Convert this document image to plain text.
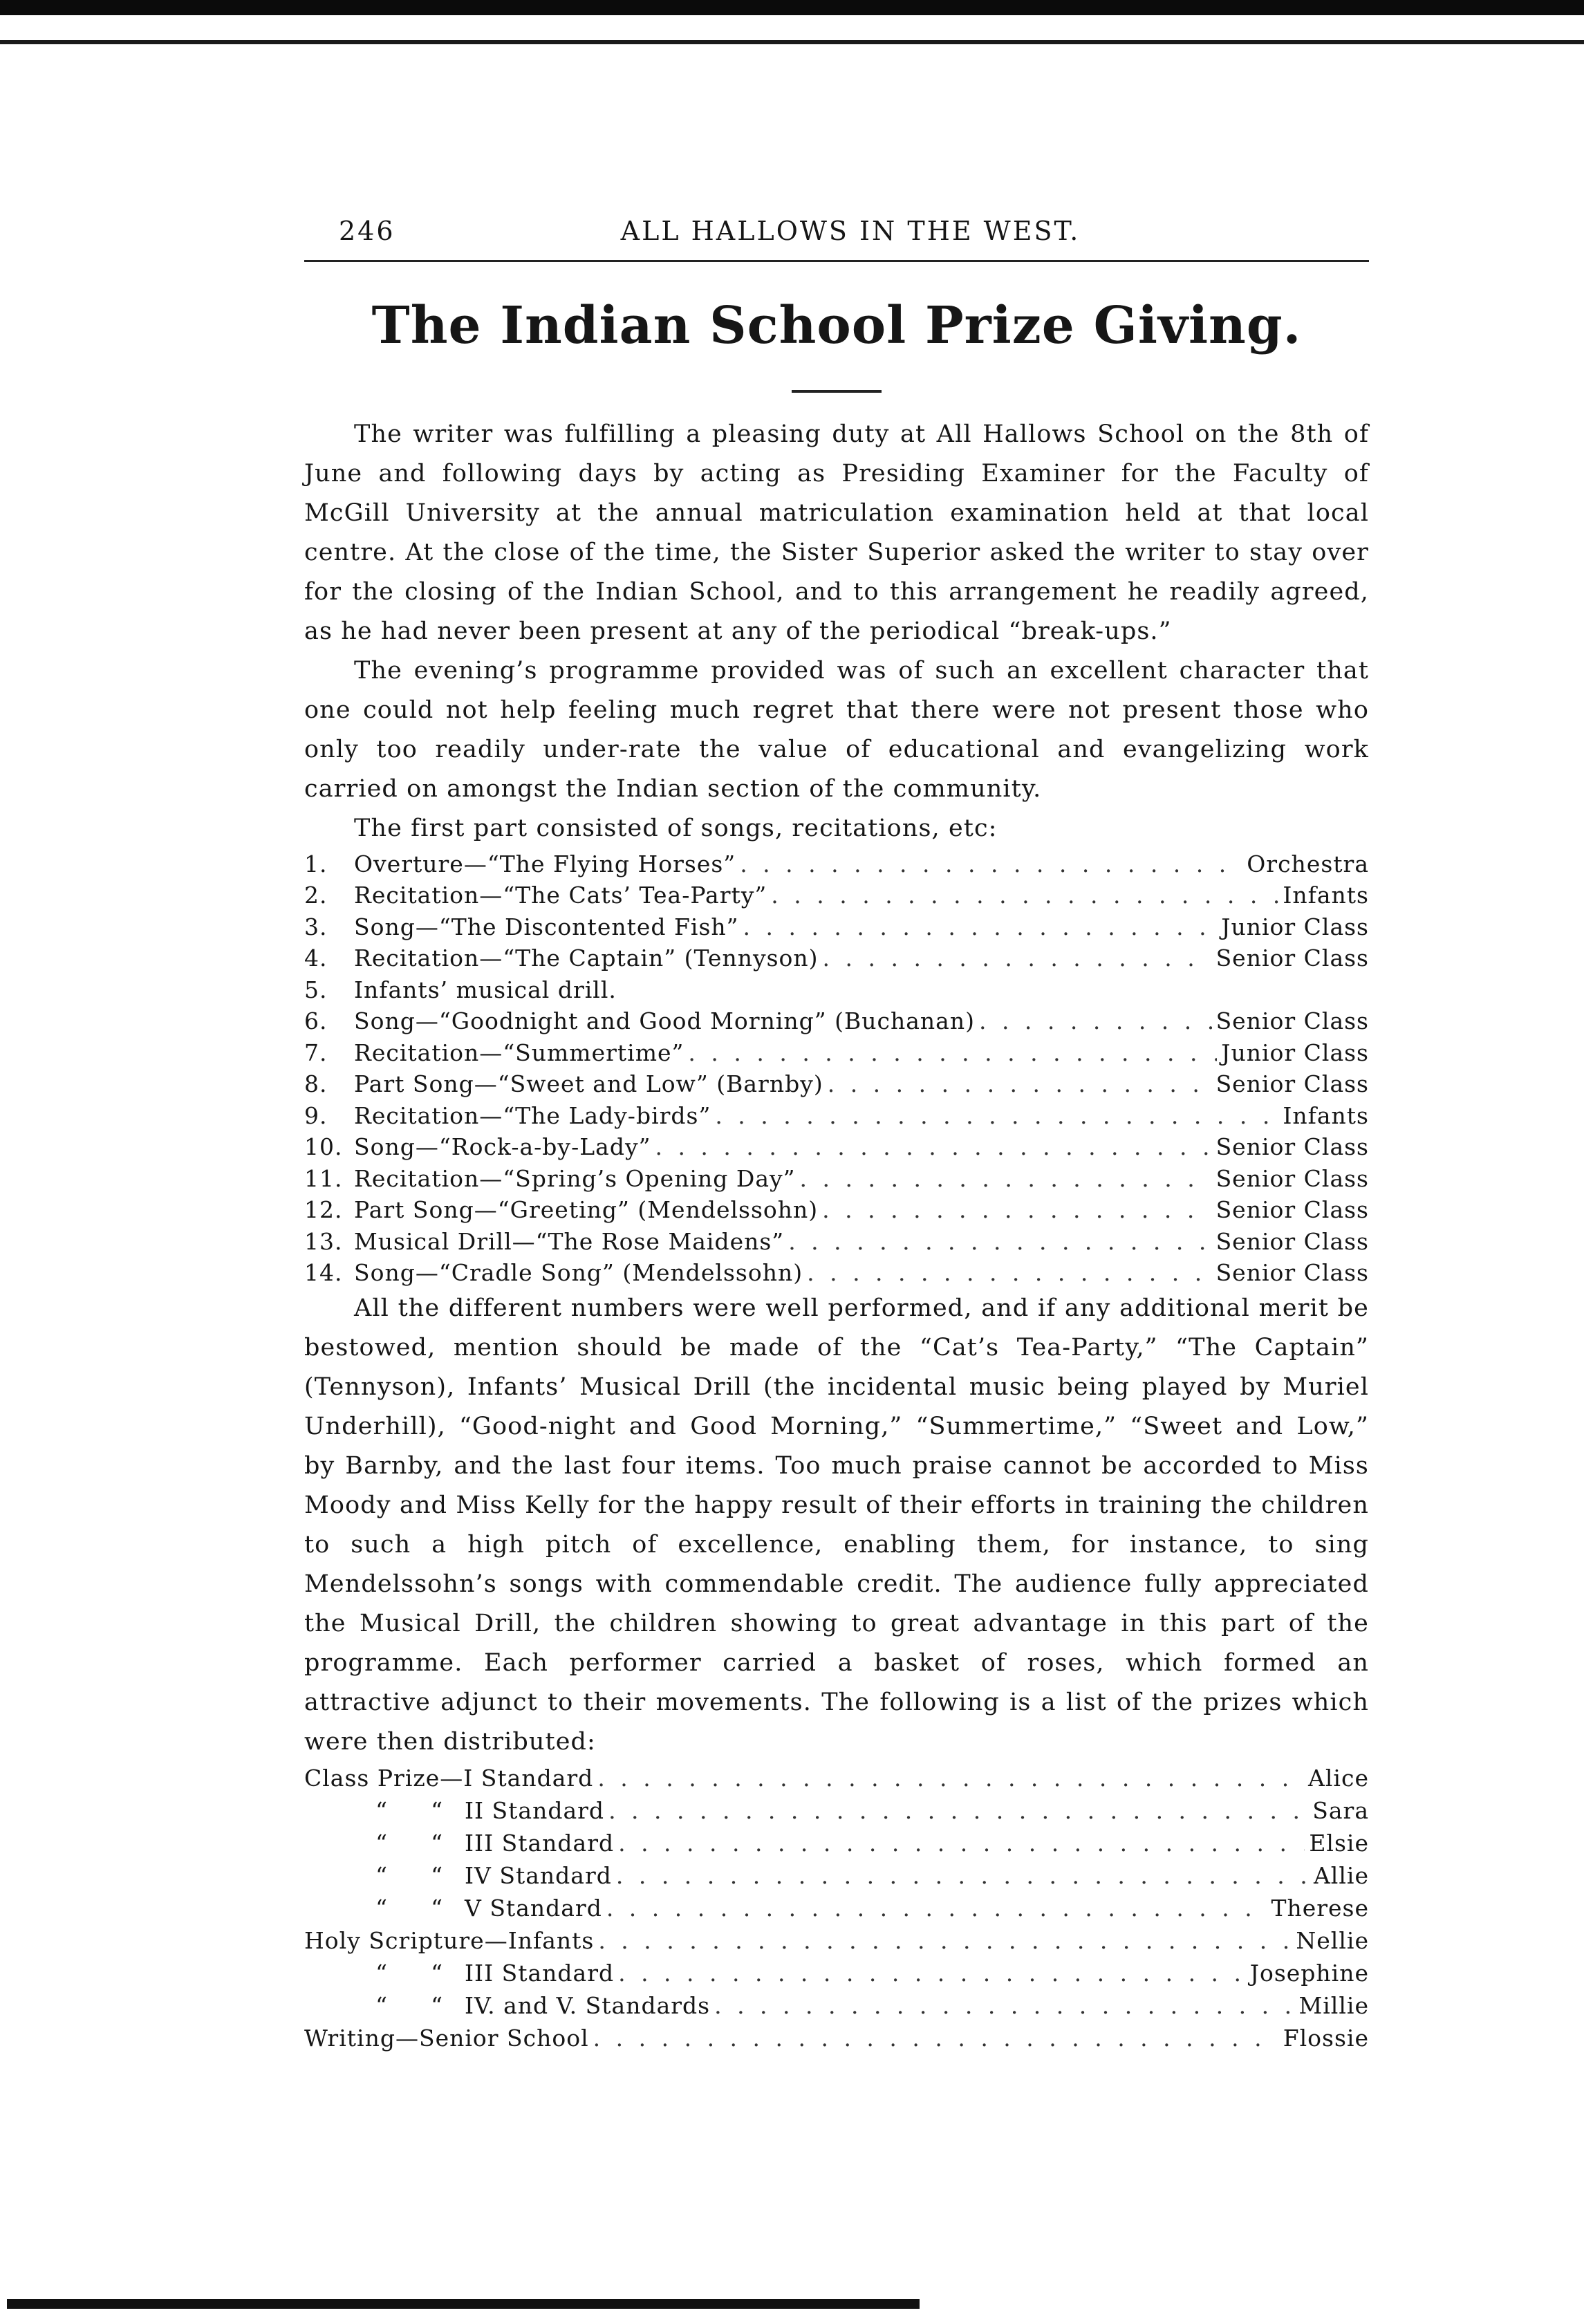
246	ALL HALLOWS IN THE WEST.
The Indian School Prize Giving.

The writer was fulfilling a pleasing duty at All Hallows School on the 8th of June and following days by acting as Presiding Examiner for the Faculty of McGill University at the annual matriculation examination held at that local centre. At the close of the time, the Sister Superior asked the writer to stay over for the closing of the Indian School, and to this arrangement he readily agreed, as he had never been present at any of the periodical “break-ups.”

The evening’s programme provided was of such an excellent character that one could not help feeling much regret that there were not present those who only too readily under-rate the value of educational and evangelizing work carried on amongst the Indian section of the community.

The first part consisted of songs, recitations, etc:

1.	Overture—“The Flying Horses” . . .	Orchestra
2.	Recitation—“The Cats’ Tea-Party” . . .	Infants
3.	Song—“The Discontented Fish” . . .	Junior Class
4.	Recitation—“The Captain” (Tennyson) . . .	Senior Class
5.	Infants’ musical drill.
6.	Song—“Goodnight and Good Morning” (Buchanan) . . .	Senior Class
7.	Recitation—“Summertime” . . .	Junior Class
8.	Part Song—“Sweet and Low” (Barnby) . . .	Senior Class
9.	Recitation—“The Lady-birds” . . .	Infants
10. Song—“Rock-a-by-Lady” . . .	Senior Class
11. Recitation—“Spring’s Opening Day” . . .	Senior Class
12. Part Song—“Greeting” (Mendelssohn) . . .	Senior Class
13. Musical Drill—“The Rose Maidens” . . .	Senior Class
14. Song—“Cradle Song” (Mendelssohn) . . .	Senior Class

All the different numbers were well performed, and if any additional merit be bestowed, mention should be made of the “Cat’s Tea-Party,” “The Captain” (Tennyson), Infants’ Musical Drill (the incidental music being played by Muriel Underhill), “Good-night and Good Morning,” “Summertime,” “Sweet and Low,” by Barnby, and the last four items. Too much praise cannot be accorded to Miss Moody and Miss Kelly for the happy result of their efforts in training the children to such a high pitch of excellence, enabling them, for instance, to sing Mendelssohn’s songs with commendable credit. The audience fully appreciated the Musical Drill, the children showing to great advantage in this part of the programme. Each performer carried a basket of roses, which formed an attractive adjunct to their movements. The following is a list of the prizes which were then distributed:

Class Prize—I Standard . . .	Alice
“	“ II Standard . . .	Sara
“	“ III Standard . . .	Elsie
“	“ IV Standard . . .	Allie
“	“ V Standard . . .	Therese
Holy Scripture—Infants . . .	Nellie
“	“ III Standard . . .	Josephine
“	“ IV. and V. Standards . . .	Millie
Writing—Senior School . . .	Flossie
